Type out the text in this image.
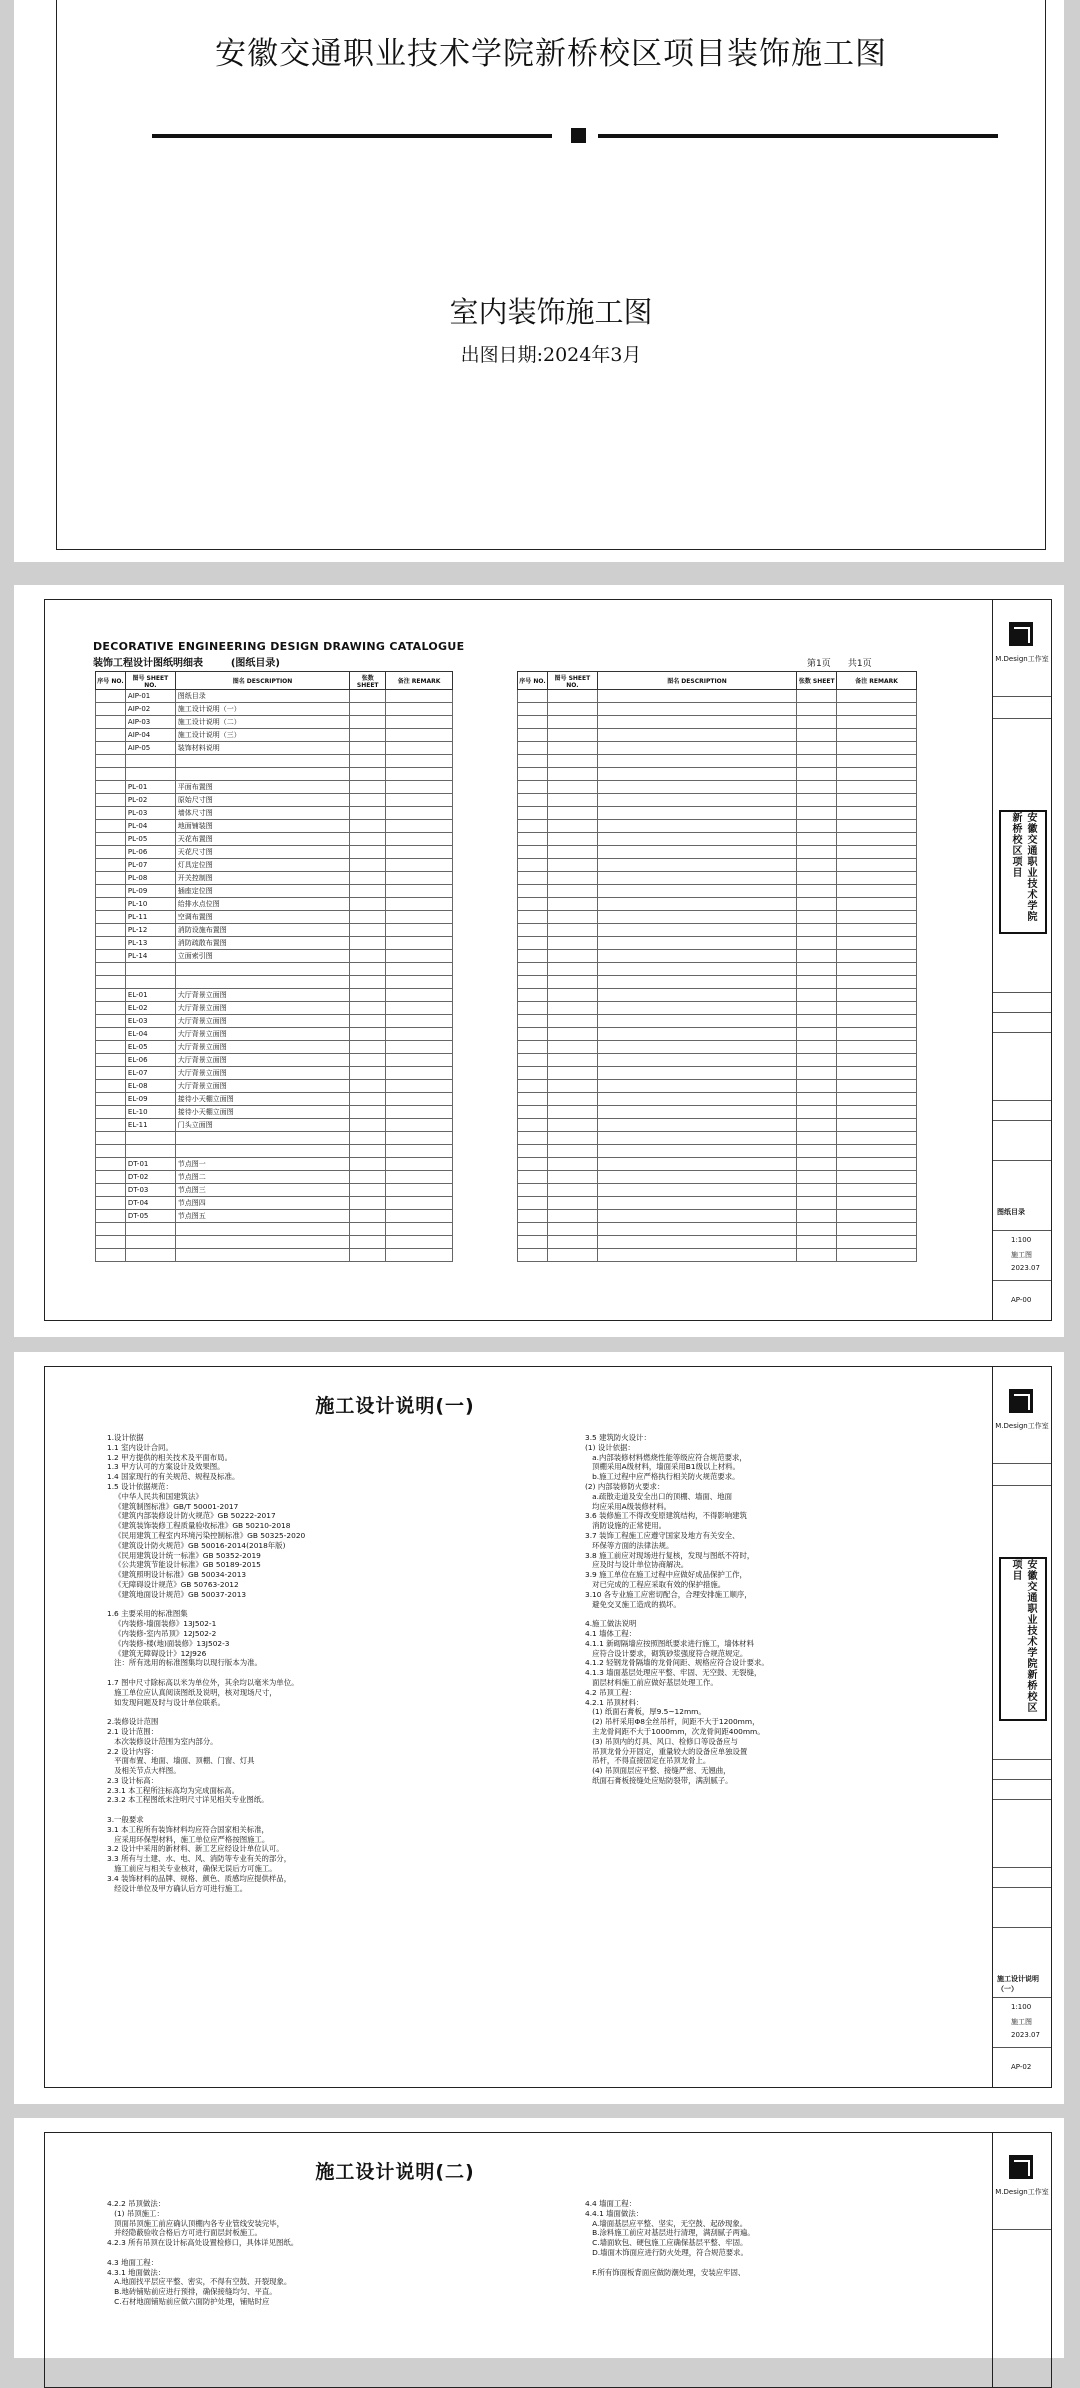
安徽交通职业技术学院新桥校区项目装饰施工图
室内装饰施工图
出图日期:2024年3月
DECORATIVE ENGINEERING DESIGN DRAWING CATALOGUE
装饰工程设计图纸明细表        (图纸目录)	第1页      共1页
序号 NO.	图号 SHEET NO.	图名 DESCRIPTION	张数 SHEET	备注 REMARK
	AIP-01	图纸目录		
	AIP-02	施工设计说明（一）		
	AIP-03	施工设计说明（二）		
	AIP-04	施工设计说明（三）		
	AIP-05	装饰材料说明		

	PL-01	平面布置图		
	PL-02	原始尺寸图		
	PL-03	墙体尺寸图		
	PL-04	地面铺装图		
	PL-05	天花布置图		
	PL-06	天花尺寸图		
	PL-07	灯具定位图		
	PL-08	开关控制图		
	PL-09	插座定位图		
	PL-10	给排水点位图		
	PL-11	空调布置图		
	PL-12	消防设施布置图		
	PL-13	消防疏散布置图		
	PL-14	立面索引图		

	EL-01	大厅背景立面图		
	EL-02	大厅背景立面图		
	EL-03	大厅背景立面图		
	EL-04	大厅背景立面图		
	EL-05	大厅背景立面图		
	EL-06	大厅背景立面图		
	EL-07	大厅背景立面图		
	EL-08	大厅背景立面图		
	EL-09	接待小天棚立面图		
	EL-10	接待小天棚立面图		
	EL-11	门头立面图		

	DT-01	节点图一		
	DT-02	节点图二		
	DT-03	节点图三		
	DT-04	节点图四		
	DT-05	节点图五		

序号 NO.	图号 SHEET NO.	图名 DESCRIPTION	张数 SHEET	备注 REMARK

M.Design工作室
安徽交通职业技术学院新桥校区项目
图纸目录
1:100
施工图
2023.07
AP-00
施工设计说明(一)
1.设计依据
1.1 室内设计合同。
1.2 甲方提供的相关技术及平面布局。
1.3 甲方认可的方案设计及效果图。
1.4 国家现行的有关规范、规程及标准。
1.5 设计依据规范：
《中华人民共和国建筑法》
《建筑制图标准》GB/T 50001-2017
《建筑内部装修设计防火规范》GB 50222-2017
《建筑装饰装修工程质量验收标准》GB 50210-2018
《民用建筑工程室内环境污染控制标准》GB 50325-2020
《建筑设计防火规范》GB 50016-2014(2018年版)
《民用建筑设计统一标准》GB 50352-2019
《公共建筑节能设计标准》GB 50189-2015
《建筑照明设计标准》GB 50034-2013
《无障碍设计规范》GB 50763-2012
《建筑地面设计规范》GB 50037-2013

1.6 主要采用的标准图集
《内装修-墙面装修》13J502-1
《内装修-室内吊顶》12J502-2
《内装修-楼(地)面装修》13J502-3
《建筑无障碍设计》12J926
注：所有选用的标准图集均以现行版本为准。

1.7 图中尺寸除标高以米为单位外，其余均以毫米为单位。
施工单位应认真阅读图纸及说明，核对现场尺寸，
如发现问题及时与设计单位联系。

2.装修设计范围
2.1 设计范围：
本次装修设计范围为室内部分。
2.2 设计内容：
平面布置、地面、墙面、顶棚、门窗、灯具
及相关节点大样图。
2.3 设计标高：
2.3.1 本工程所注标高均为完成面标高。
2.3.2 本工程图纸未注明尺寸详见相关专业图纸。

3.一般要求
3.1 本工程所有装饰材料均应符合国家相关标准，
应采用环保型材料，施工单位应严格按图施工。
3.2 设计中采用的新材料、新工艺应经设计单位认可。
3.3 所有与土建、水、电、风、消防等专业有关的部分，
施工前应与相关专业核对，确保无误后方可施工。
3.4 装饰材料的品牌、规格、颜色、质感均应提供样品，
经设计单位及甲方确认后方可进行施工。
3.5 建筑防火设计：
(1) 设计依据：
a.内部装修材料燃烧性能等级应符合规范要求，
顶棚采用A级材料，墙面采用B1级以上材料。
b.施工过程中应严格执行相关防火规范要求。
(2) 内部装修防火要求：
a.疏散走道及安全出口的顶棚、墙面、地面
均应采用A级装修材料。
3.6 装修施工不得改变原建筑结构，不得影响建筑
消防设施的正常使用。
3.7 装饰工程施工应遵守国家及地方有关安全、
环保等方面的法律法规。
3.8 施工前应对现场进行复核，发现与图纸不符时，
应及时与设计单位协商解决。
3.9 施工单位在施工过程中应做好成品保护工作，
对已完成的工程应采取有效的保护措施。
3.10 各专业施工应密切配合，合理安排施工顺序，
避免交叉施工造成的损坏。

4.施工做法说明
4.1 墙体工程：
4.1.1 新砌隔墙应按照图纸要求进行施工，墙体材料
应符合设计要求，砌筑砂浆强度符合规范规定。
4.1.2 轻钢龙骨隔墙的龙骨间距、规格应符合设计要求。
4.1.3 墙面基层处理应平整、牢固、无空鼓、无裂缝，
面层材料施工前应做好基层处理工作。
4.2 吊顶工程：
4.2.1 吊顶材料：
(1) 纸面石膏板，厚9.5~12mm。
(2) 吊杆采用Φ8全丝吊杆，间距不大于1200mm，
主龙骨间距不大于1000mm，次龙骨间距400mm。
(3) 吊顶内的灯具、风口、检修口等设备应与
吊顶龙骨分开固定，重量较大的设备应单独设置
吊杆，不得直接固定在吊顶龙骨上。
(4) 吊顶面层应平整、接缝严密、无翘曲，
纸面石膏板接缝处应贴防裂带，满刮腻子。
M.Design工作室
安徽交通职业技术学院新桥校区项目
施工设计说明（一）
1:100
施工图
2023.07
AP-02
施工设计说明(二)
4.2.2 吊顶做法：
(1) 吊顶施工：
顶面吊顶施工前应确认顶棚内各专业管线安装完毕，
并经隐蔽验收合格后方可进行面层封板施工。
4.2.3 所有吊顶在设计标高处设置检修口，具体详见图纸。

4.3 地面工程：
4.3.1 地面做法：
A.地面找平层应平整、密实，不得有空鼓、开裂现象。
B.地砖铺贴前应进行预排，确保接缝均匀、平直。
C.石材地面铺贴前应做六面防护处理，铺贴时应
4.4 墙面工程：
4.4.1 墙面做法：
A.墙面基层应平整、坚实，无空鼓、起砂现象。
B.涂料施工前应对基层进行清理，满刮腻子两遍。
C.墙面软包、硬包施工应确保基层平整、牢固。
D.墙面木饰面应进行防火处理，符合规范要求。

F.所有饰面板背面应做防潮处理，安装应牢固、
M.Design工作室
